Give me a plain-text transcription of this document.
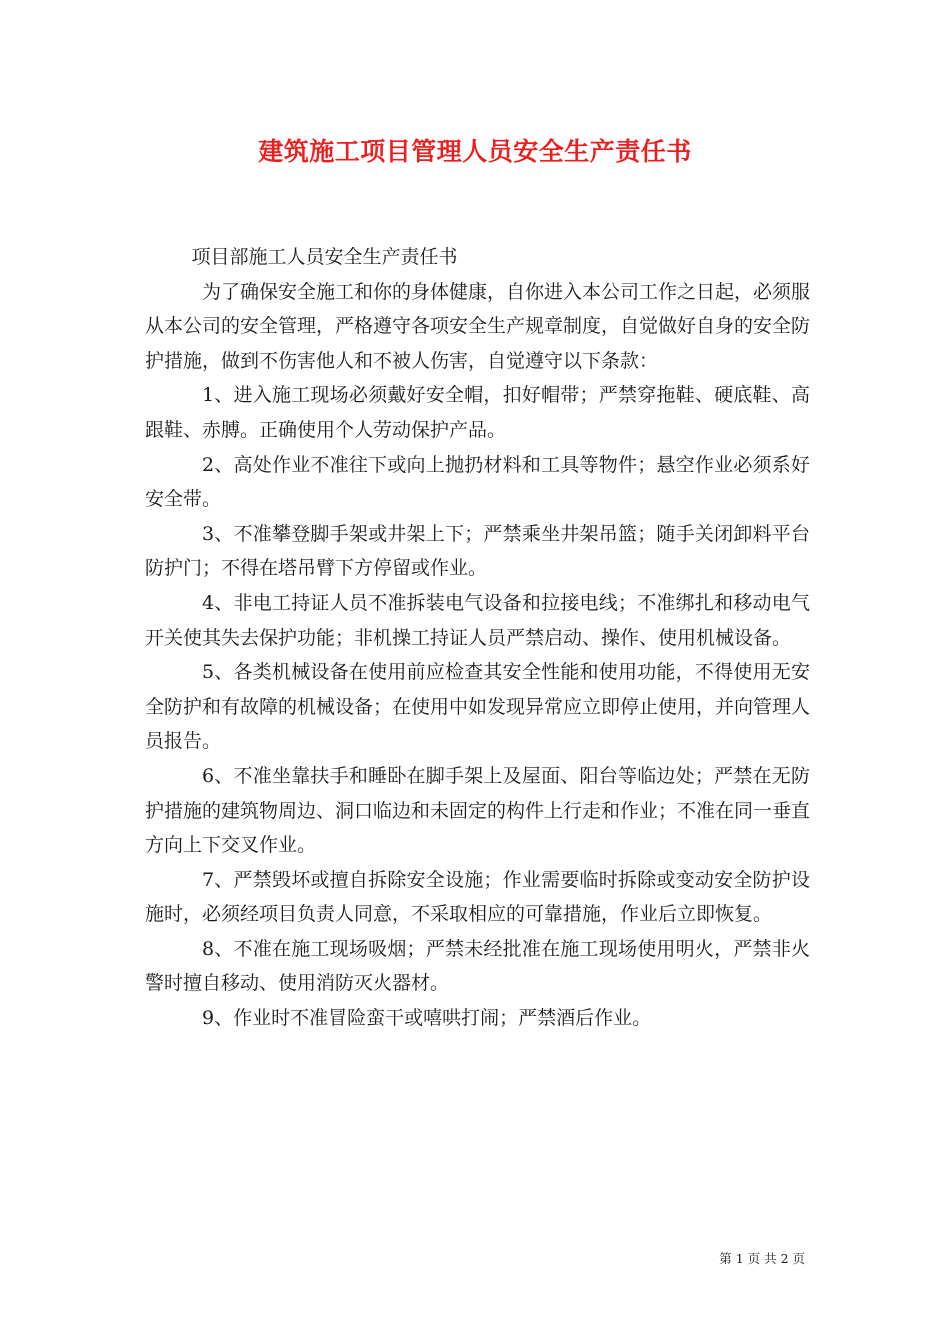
建筑施工项目管理人员安全生产责任书

项目部施工人员安全生产责任书

为了确保安全施工和你的身体健康，自你进入本公司工作之日起，必须服从本公司的安全管理，严格遵守各项安全生产规章制度，自觉做好自身的安全防护措施，做到不伤害他人和不被人伤害，自觉遵守以下条款：

1、进入施工现场必须戴好安全帽，扣好帽带；严禁穿拖鞋、硬底鞋、高跟鞋、赤膊。正确使用个人劳动保护产品。

2、高处作业不准往下或向上抛扔材料和工具等物件；悬空作业必须系好安全带。

3、不准攀登脚手架或井架上下；严禁乘坐井架吊篮；随手关闭卸料平台防护门；不得在塔吊臂下方停留或作业。

4、非电工持证人员不准拆装电气设备和拉接电线；不准绑扎和移动电气开关使其失去保护功能；非机操工持证人员严禁启动、操作、使用机械设备。

5、各类机械设备在使用前应检查其安全性能和使用功能，不得使用无安全防护和有故障的机械设备；在使用中如发现异常应立即停止使用，并向管理人员报告。

6、不准坐靠扶手和睡卧在脚手架上及屋面、阳台等临边处；严禁在无防护措施的建筑物周边、洞口临边和未固定的构件上行走和作业；不准在同一垂直方向上下交叉作业。

7、严禁毁坏或擅自拆除安全设施；作业需要临时拆除或变动安全防护设施时，必须经项目负责人同意，不采取相应的可靠措施，作业后立即恢复。

8、不准在施工现场吸烟；严禁未经批准在施工现场使用明火，严禁非火警时擅自移动、使用消防灭火器材。

9、作业时不准冒险蛮干或嘻哄打闹；严禁酒后作业。

第 1 页 共 2 页
